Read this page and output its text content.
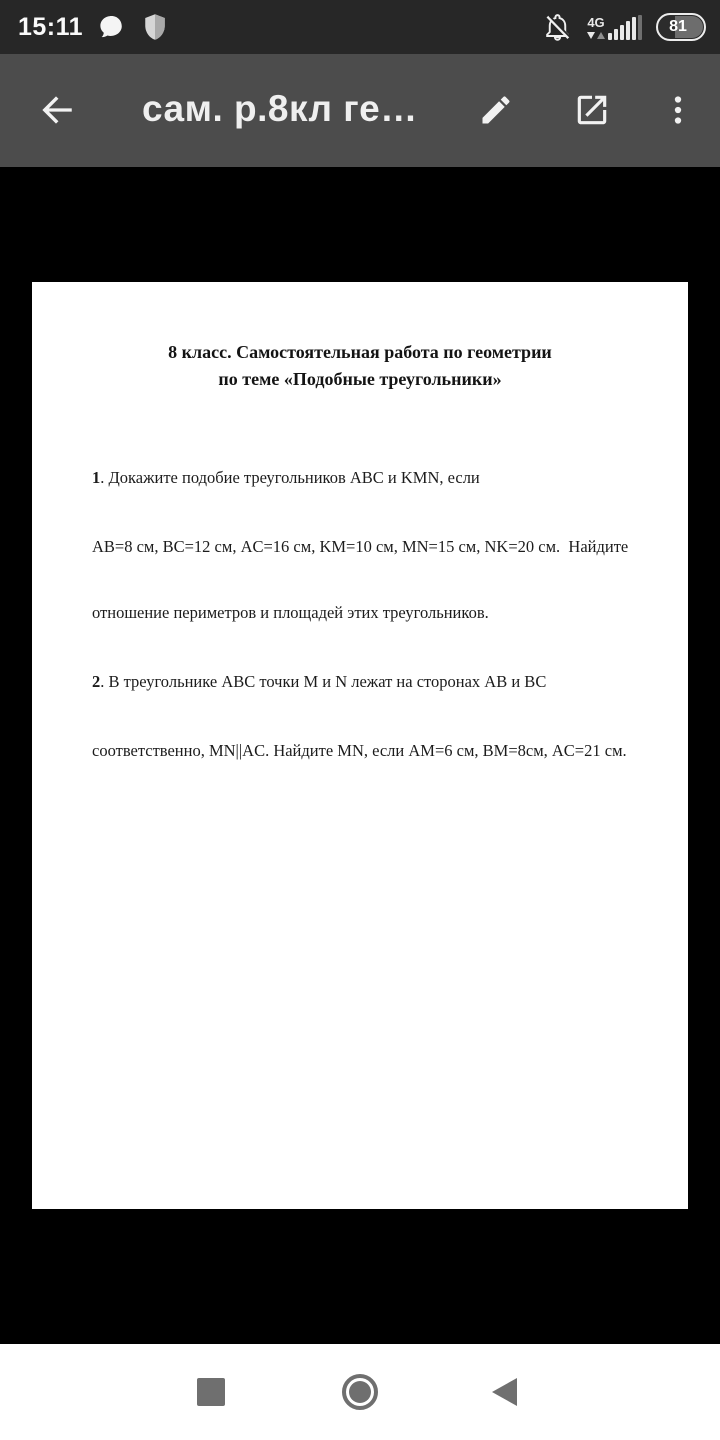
15:11	4G	81
сам. р.8кл ге…
8 класс. Самостоятельная работа по геометрии
по теме «Подобные треугольники»

1. Докажите подобие треугольников ABC и KMN, если

AB=8 см, BC=12 см, AC=16 см, KM=10 см, MN=15 см, NK=20 см.  Найдите

отношение периметров и площадей этих треугольников.

2. В треугольнике ABC точки M и N лежат на сторонах AB и BC

соответственно, MN||AC. Найдите MN, если AM=6 см, BM=8см, AC=21 см.
